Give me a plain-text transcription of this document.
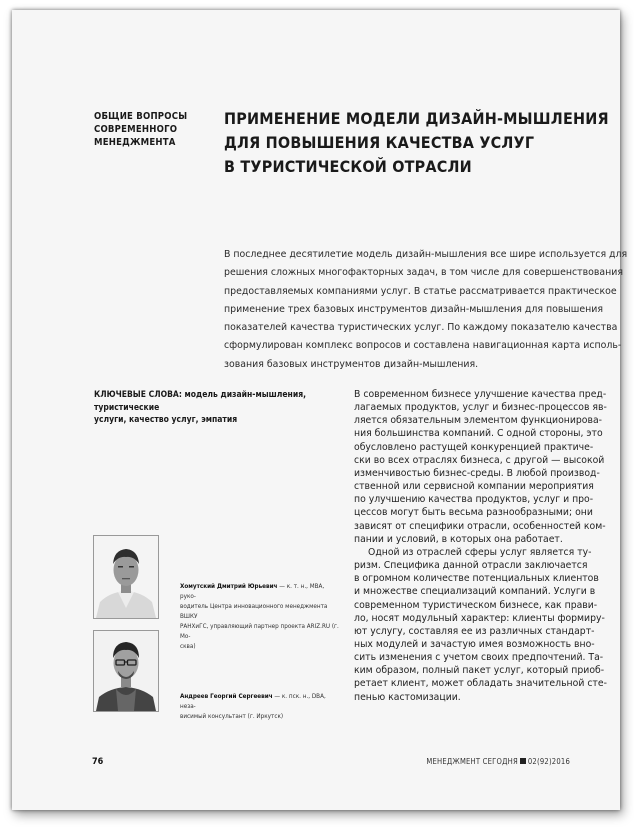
ОБЩИЕ ВОПРОСЫ
СОВРЕМЕННОГО
МЕНЕДЖМЕНТА
ПРИМЕНЕНИЕ МОДЕЛИ ДИЗАЙН-МЫШЛЕНИЯ
ДЛЯ ПОВЫШЕНИЯ КАЧЕСТВА УСЛУГ
В ТУРИСТИЧЕСКОЙ ОТРАСЛИ
В последнее десятилетие модель дизайн-мышления все шире используется для
решения сложных многофакторных задач, в том числе для совершенствования
предоставляемых компаниями услуг. В статье рассматривается практическое
применение трех базовых инструментов дизайн-мышления для повышения
показателей качества туристических услуг. По каждому показателю качества
сформулирован комплекс вопросов и составлена навигационная карта исполь-
зования базовых инструментов дизайн-мышления.
КЛЮЧЕВЫЕ СЛОВА: модель дизайн-мышления, туристические
услуги, качество услуг, эмпатия
Хомутский Дмитрий Юрьевич — к. т. н., MBA, руко-
водитель Центра инновационного менеджмента ВШКУ
РАНХиГС, управляющий партнер проекта ARIZ.RU (г. Мо-
сква)
Андреев Георгий Сергеевич — к. пск. н., DBA, неза-
висимый консультант (г. Иркутск)
В современном бизнесе улучшение качества пред-
лагаемых продуктов, услуг и бизнес-процессов яв-
ляется обязательным элементом функционирова-
ния большинства компаний. С одной стороны, это
обусловлено растущей конкуренцией практиче-
ски во всех отраслях бизнеса, с другой — высокой
изменчивостью бизнес-среды. В любой производ-
ственной или сервисной компании мероприятия
по улучшению качества продуктов, услуг и про-
цессов могут быть весьма разнообразными; они
зависят от специфики отрасли, особенностей ком-
пании и условий, в которых она работает.
Одной из отраслей сферы услуг является ту-
ризм. Специфика данной отрасли заключается
в огромном количестве потенциальных клиентов
и множестве специализаций компаний. Услуги в
современном туристическом бизнесе, как прави-
ло, носят модульный характер: клиенты формиру-
ют услугу, составляя ее из различных стандарт-
ных модулей и зачастую имея возможность вно-
сить изменения с учетом своих предпочтений. Та-
ким образом, полный пакет услуг, который приоб-
ретает клиент, может обладать значительной сте-
пенью кастомизации.
76	МЕНЕДЖМЕНТ СЕГОДНЯ 02(92)2016
